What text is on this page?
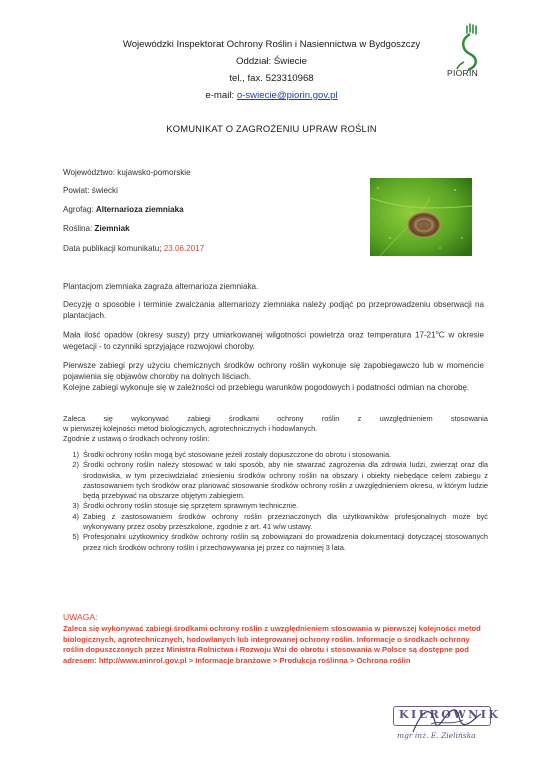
Wojewódzki Inspektorat Ochrony Roślin i Nasiennictwa w Bydgoszczy
Oddział: Świecie
tel., fax. 523310968
e-mail: o-swiecie@piorin.gov.pl
PIORIN
KOMUNIKAT O ZAGROŻENIU UPRAW ROŚLIN
Województwo: kujawsko-pomorskie
Powiat: świecki
Agrofag: Alternarioza ziemniaka
Roślina: Ziemniak
Data publikacji komunikatu; 23.06.2017
Plantacjom ziemniaka zagraża alternarioza ziemniaka.
Decyzję o sposobie i terminie zwalczania alternariozy ziemniaka należy podjąć po przeprowadzeniu obserwacji na plantacjach.
Mała ilość opadów (okresy suszy) przy umiarkowanej wilgotności powietrza oraz temperatura 17-21$^o$C w okresie wegetacji - to czynniki sprzyjające rozwojowi choroby.
Pierwsze zabiegi przy użyciu chemicznych środków ochrony roślin wykonuje się zapobiegawczo lub w momencie pojawienia się objawów choroby na dolnych liściach.
Kolejne zabiegi wykonuje się w zależności od przebiegu warunków pogodowych i podatności odmian na chorobę.
Zaleca się wykonywać zabiegi środkami ochrony roślin z uwzględnieniem stosowania
w pierwszej kolejności metod biologicznych, agrotechnicznych i hodowlanych.
Zgodnie z ustawą o środkach ochrony roślin:
1) Środki ochrony roślin mogą być stosowane jeżeli zostały dopuszczone do obrotu i stosowania.
2) Środki ochrony roślin należy stosować w taki sposób, aby nie stwarzać zagrożenia dla zdrowia ludzi, zwierząt oraz dla środowiska, w tym przeciwdziałać zniesieniu środków ochrony roślin na obszary i obiekty niebędące celem zabiegu z zastosowaniem tych środków oraz planować stosowanie środków ochrony roślin z uwzględnieniem okresu, w którym ludzie będą przebywać na obszarze objętym zabiegiem.
3) Środki ochrony roślin stosuje się sprzętem sprawnym technicznie.
4) Zabieg z zastosowaniem środków ochrony roślin przeznaczonych dla użytkowników profesjonalnych może być wykonywany przez osoby przeszkolone, zgodnie z art. 41 w/w ustawy.
5) Profesjonalni użytkownicy środków ochrony roślin są zobowiązani do prowadzenia dokumentacji dotyczącej stosowanych przez nich środków ochrony roślin i przechowywania jej przez co najmniej 3 lata.
UWAGA:
Zaleca się wykonywać zabiegi środkami ochrony roślin z uwzględnieniem stosowania w pierwszej kolejności metod biologicznych, agrotechnicznych, hodowlanych lub integrowanej ochrony roślin. Informacje o środkach ochrony roślin dopuszczonych przez Ministra Rolnictwa i Rozwoju Wsi do obrotu i stosowania w Polsce są dostępne pod adresem: http://www.minrol.gov.pl > Informacje branżowe > Produkcja roślinna > Ochrona roślin
KIEROWNIK
mgr inż. E. Zielińska
